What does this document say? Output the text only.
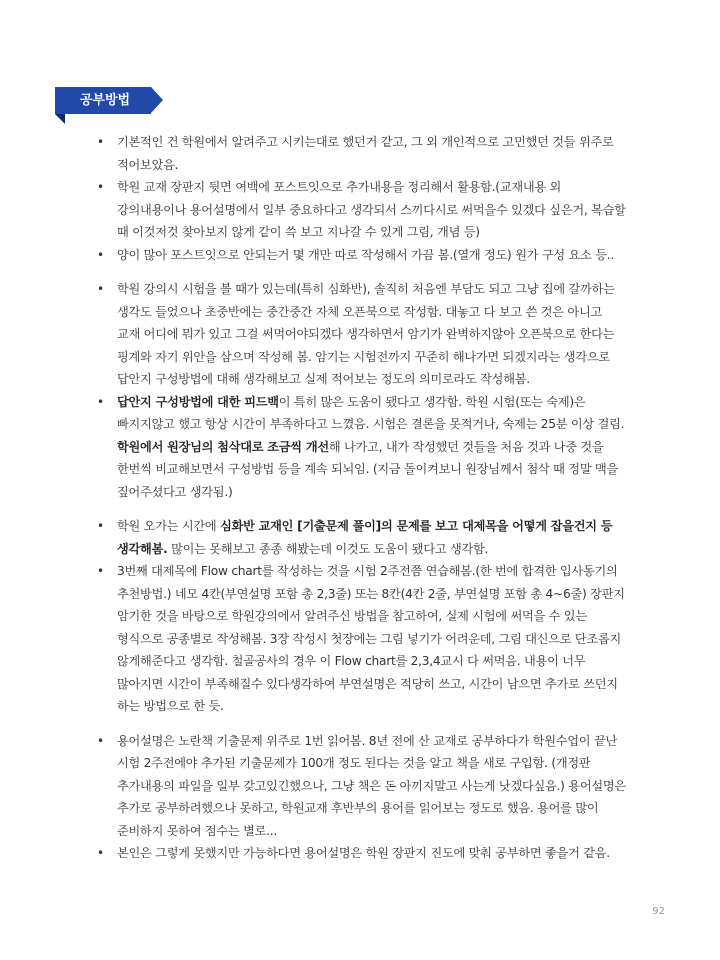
공부방법
• 기본적인 건 학원에서 알려주고 시키는대로 했던거 같고, 그 외 개인적으로 고민했던 것들 위주로
적어보았음.
• 학원 교재 장판지 뒷면 여백에 포스트잇으로 추가내용을 정리해서 활용함.(교재내용 외
강의내용이나 용어설명에서 일부 중요하다고 생각되서 스끼다시로 써먹을수 있겠다 싶은거, 복습할
때 이것저것 찾아보지 않게 같이 쓱 보고 지나갈 수 있게 그림, 개념 등)
• 양이 많아 포스트잇으로 안되는거 몇 개만 따로 작성해서 가끔 봄.(열개 정도) 원가 구성 요소 등..
• 학원 강의시 시험을 볼 때가 있는데(특히 심화반), 솔직히 처음엔 부담도 되고 그냥 집에 갈까하는
생각도 들었으나 초중반에는 중간중간 자체 오픈북으로 작성함. 대놓고 다 보고 쓴 것은 아니고
교재 어디에 뭐가 있고 그걸 써먹어야되겠다 생각하면서 암기가 완벽하지않아 오픈북으로 한다는
핑계와 자기 위안을 삼으며 작성해 봄. 암기는 시험전까지 꾸준히 해나가면 되겠지라는 생각으로
답안지 구성방법에 대해 생각해보고 실제 적어보는 정도의 의미로라도 작성해봄.
• 답안지 구성방법에 대한 피드백이 특히 많은 도움이 됐다고 생각함. 학원 시험(또는 숙제)은
빠지지않고 했고 항상 시간이 부족하다고 느꼈음. 시험은 결론을 못적거나, 숙제는 25분 이상 걸림.
학원에서 원장님의 첨삭대로 조금씩 개선해 나가고, 내가 작성했던 것들을 처음 것과 나중 것을
한번씩 비교해보면서 구성방법 등을 계속 되뇌임. (지금 돌이켜보니 원장님께서 첨삭 때 정말 맥을
짚어주셨다고 생각됨.)
• 학원 오가는 시간에 심화반 교재인 [기출문제 풀이]의 문제를 보고 대제목을 어떻게 잡을건지 등
생각해봄. 많이는 못해보고 종종 해봤는데 이것도 도움이 됐다고 생각함.
• 3번째 대제목에 Flow chart를 작성하는 것을 시험 2주전쯤 연습해봄.(한 번에 합격한 입사동기의
추천방법.) 네모 4칸(부연설명 포함 총 2,3줄) 또는 8칸(4칸 2줄, 부연설명 포함 총 4~6줄) 장판지
암기한 것을 바탕으로 학원강의에서 알려주신 방법을 참고하여, 실제 시험에 써먹을 수 있는
형식으로 공종별로 작성해봄. 3장 작성시 첫장에는 그림 넣기가 어려운데, 그림 대신으로 단조롭지
않게해준다고 생각함. 철골공사의 경우 이 Flow chart를 2,3,4교시 다 써먹음. 내용이 너무
많아지면 시간이 부족해질수 있다생각하여 부연설명은 적당히 쓰고, 시간이 남으면 추가로 쓰던지
하는 방법으로 한 듯.
• 용어설명은 노란책 기출문제 위주로 1번 읽어봄. 8년 전에 산 교재로 공부하다가 학원수업이 끝난
시험 2주전에야 추가된 기출문제가 100개 정도 된다는 것을 알고 책을 새로 구입함. (개정판
추가내용의 파일을 일부 갖고있긴했으나, 그냥 책은 돈 아끼지말고 사는게 낫겠다싶음.) 용어설명은
추가로 공부하려했으나 못하고, 학원교재 후반부의 용어를 읽어보는 정도로 했음. 용어를 많이
준비하지 못하여 점수는 별로...
• 본인은 그렇게 못했지만 가능하다면 용어설명은 학원 장판지 진도에 맞춰 공부하면 좋을거 같음.
92
